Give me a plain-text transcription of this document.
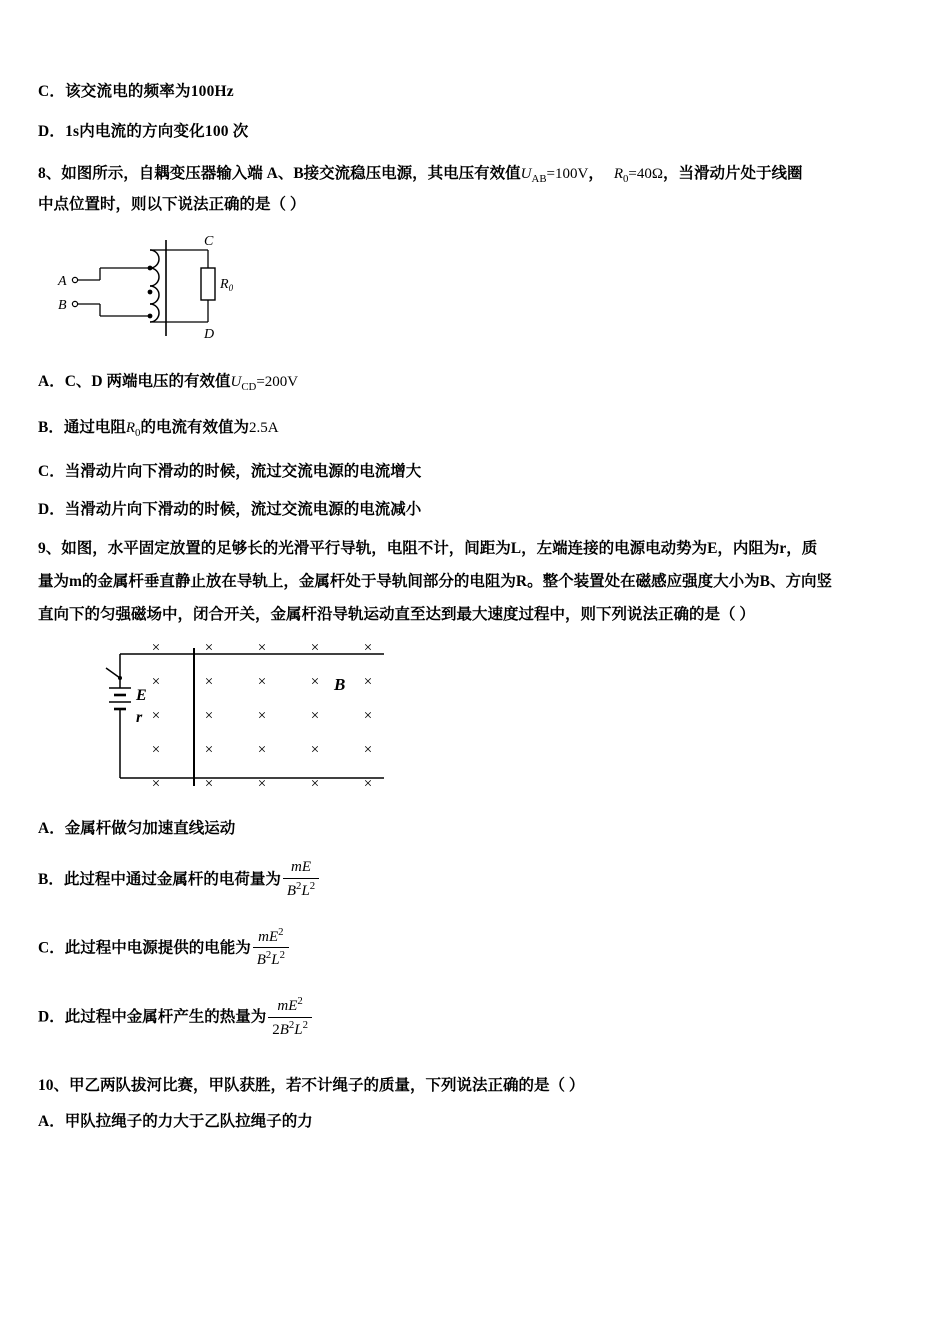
C．该交流电的频率为100Hz
D．1s内电流的方向变化100 次
8、如图所示，自耦变压器输入端 A、B接交流稳压电源，其电压有效值$U_{AB}=100V$， $R_0=40\Omega$，当滑动片处于线圈
中点位置时，则以下说法正确的是（ ）
C
D
A
B
$R_0$
A．C、D 两端电压的有效值$U_{CD}=200V$
B．通过电阻$R_0$的电流有效值为2.5A
C．当滑动片向下滑动的时候，流过交流电源的电流增大
D．当滑动片向下滑动的时候，流过交流电源的电流减小
9、如图，水平固定放置的足够长的光滑平行导轨，电阻不计，间距为L，左端连接的电源电动势为E，内阻为r，质
量为m的金属杆垂直静止放在导轨上，金属杆处于导轨间部分的电阻为R。整个装置处在磁感应强度大小为B、方向竖
直向下的匀强磁场中，闭合开关，金属杆沿导轨运动直至达到最大速度过程中，则下列说法正确的是（ ）
×	×	×	×	×
×	×	×	×	×
×	×	×	×	×
×	×	×	×	×
×	×	×	×	×
B
E
r
A．金属杆做匀加速直线运动
B．此过程中通过金属杆的电荷量为 $\frac{mE}{B^2L^2}$
C．此过程中电源提供的电能为 $\frac{mE^2}{B^2L^2}$
D．此过程中金属杆产生的热量为 $\frac{mE^2}{2B^2L^2}$
10、甲乙两队拔河比赛，甲队获胜，若不计绳子的质量，下列说法正确的是（ ）
A．甲队拉绳子的力大于乙队拉绳子的力
